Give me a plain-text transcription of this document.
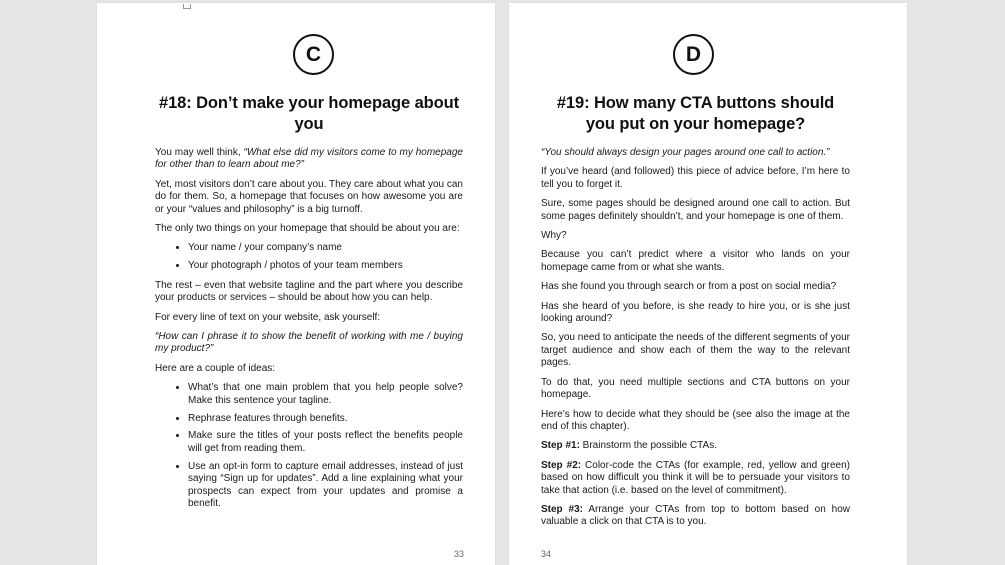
C
#18: Don’t make your homepage about you

You may well think, “What else did my visitors come to my homepage for other than to learn about me?”

Yet, most visitors don’t care about you. They care about what you can do for them. So, a homepage that focuses on how awesome you are or your “values and philosophy” is a big turnoff.

The only two things on your homepage that should be about you are:

• Your name / your company’s name
• Your photograph / photos of your team members

The rest – even that website tagline and the part where you describe your products or services – should be about how you can help.

For every line of text on your website, ask yourself:

“How can I phrase it to show the benefit of working with me / buying my product?”

Here are a couple of ideas:

• What’s that one main problem that you help people solve? Make this sentence your tagline.
• Rephrase features through benefits.
• Make sure the titles of your posts reflect the benefits people will get from reading them.
• Use an opt-in form to capture email addresses, instead of just saying “Sign up for updates”. Add a line explaining what your prospects can expect from your updates and promise a benefit.
33
D
#19: How many CTA buttons should you put on your homepage?

“You should always design your pages around one call to action.”

If you’ve heard (and followed) this piece of advice before, I’m here to tell you to forget it.

Sure, some pages should be designed around one call to action. But some pages definitely shouldn’t, and your homepage is one of them.

Why?

Because you can’t predict where a visitor who lands on your homepage came from or what she wants.

Has she found you through search or from a post on social media?

Has she heard of you before, is she ready to hire you, or is she just looking around?

So, you need to anticipate the needs of the different segments of your target audience and show each of them the way to the relevant pages.

To do that, you need multiple sections and CTA buttons on your homepage.

Here’s how to decide what they should be (see also the image at the end of this chapter).

Step #1: Brainstorm the possible CTAs.

Step #2: Color-code the CTAs (for example, red, yellow and green) based on how difficult you think it will be to persuade your visitors to take that action (i.e. based on the level of commitment).

Step #3: Arrange your CTAs from top to bottom based on how valuable a click on that CTA is to you.

34
